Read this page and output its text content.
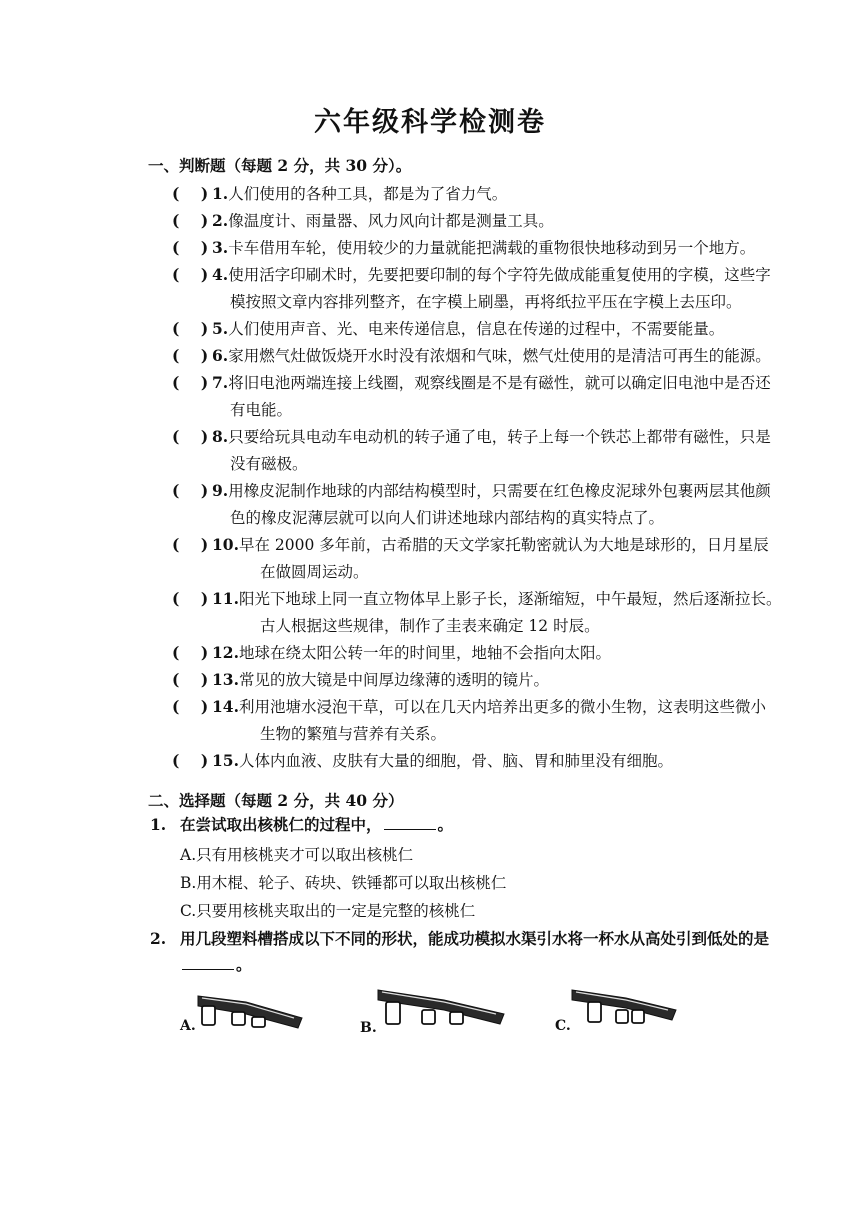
六年级科学检测卷
一、判断题（每题 2 分，共 30 分）。
(    ) 1.人们使用的各种工具，都是为了省力气。
(    ) 2.像温度计、雨量器、风力风向计都是测量工具。
(    ) 3.卡车借用车轮，使用较少的力量就能把满载的重物很快地移动到另一个地方。
(    ) 4.使用活字印刷术时，先要把要印制的每个字符先做成能重复使用的字模，这些字
模按照文章内容排列整齐，在字模上刷墨，再将纸拉平压在字模上去压印。
(    ) 5.人们使用声音、光、电来传递信息，信息在传递的过程中，不需要能量。
(    ) 6.家用燃气灶做饭烧开水时没有浓烟和气味，燃气灶使用的是清洁可再生的能源。
(    ) 7.将旧电池两端连接上线圈，观察线圈是不是有磁性，就可以确定旧电池中是否还
有电能。
(    ) 8.只要给玩具电动车电动机的转子通了电，转子上每一个铁芯上都带有磁性，只是
没有磁极。
(    ) 9.用橡皮泥制作地球的内部结构模型时，只需要在红色橡皮泥球外包裹两层其他颜
色的橡皮泥薄层就可以向人们讲述地球内部结构的真实特点了。
(    ) 10.早在 2000 多年前，古希腊的天文学家托勒密就认为大地是球形的，日月星辰
在做圆周运动。
(    ) 11.阳光下地球上同一直立物体早上影子长，逐渐缩短，中午最短，然后逐渐拉长。
古人根据这些规律，制作了圭表来确定 12 时辰。
(    ) 12.地球在绕太阳公转一年的时间里，地轴不会指向太阳。
(    ) 13.常见的放大镜是中间厚边缘薄的透明的镜片。
(    ) 14.利用池塘水浸泡干草，可以在几天内培养出更多的微小生物，这表明这些微小
生物的繁殖与营养有关系。
(    ) 15.人体内血液、皮肤有大量的细胞，骨、脑、胃和肺里没有细胞。
二、选择题（每题 2 分，共 40 分）
1. 在尝试取出核桃仁的过程中，	。
A.只有用核桃夹才可以取出核桃仁
B.用木棍、轮子、砖块、铁锤都可以取出核桃仁
C.只要用核桃夹取出的一定是完整的核桃仁
2. 用几段塑料槽搭成以下不同的形状，能成功模拟水渠引水将一杯水从高处引到低处的是
。
A.	B.	C.
